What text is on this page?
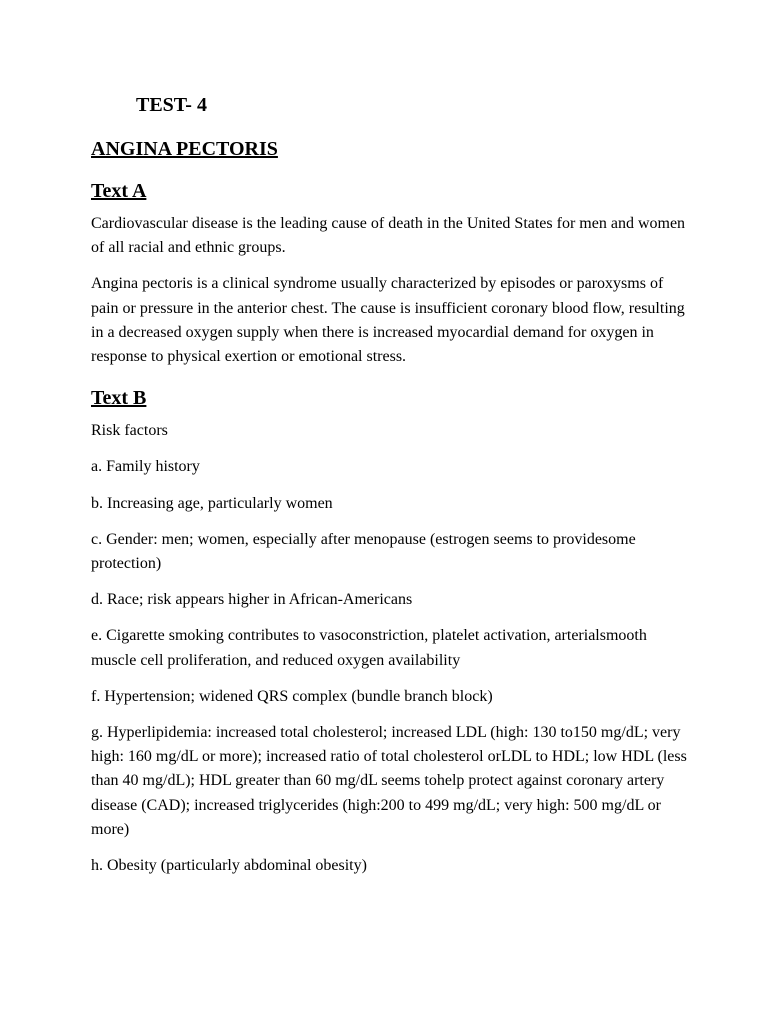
TEST- 4
ANGINA PECTORIS
Text A

Cardiovascular disease is the leading cause of death in the United States for men and women of all racial and ethnic groups.

Angina pectoris is a clinical syndrome usually characterized by episodes or paroxysms of pain or pressure in the anterior chest. The cause is insufficient coronary blood flow, resulting in a decreased oxygen supply when there is increased myocardial demand for oxygen in response to physical exertion or emotional stress.

Text B

Risk factors

a. Family history

b. Increasing age, particularly women

c. Gender: men; women, especially after menopause (estrogen seems to providesome protection)

d. Race; risk appears higher in African-Americans

e. Cigarette smoking contributes to vasoconstriction, platelet activation, arterialsmooth muscle cell proliferation, and reduced oxygen availability

f. Hypertension; widened QRS complex (bundle branch block)

g. Hyperlipidemia: increased total cholesterol; increased LDL (high: 130 to150 mg/dL; very high: 160 mg/dL or more); increased ratio of total cholesterol orLDL to HDL; low HDL (less than 40 mg/dL); HDL greater than 60 mg/dL seems tohelp protect against coronary artery disease (CAD); increased triglycerides (high:200 to 499 mg/dL; very high: 500 mg/dL or more)

h. Obesity (particularly abdominal obesity)
